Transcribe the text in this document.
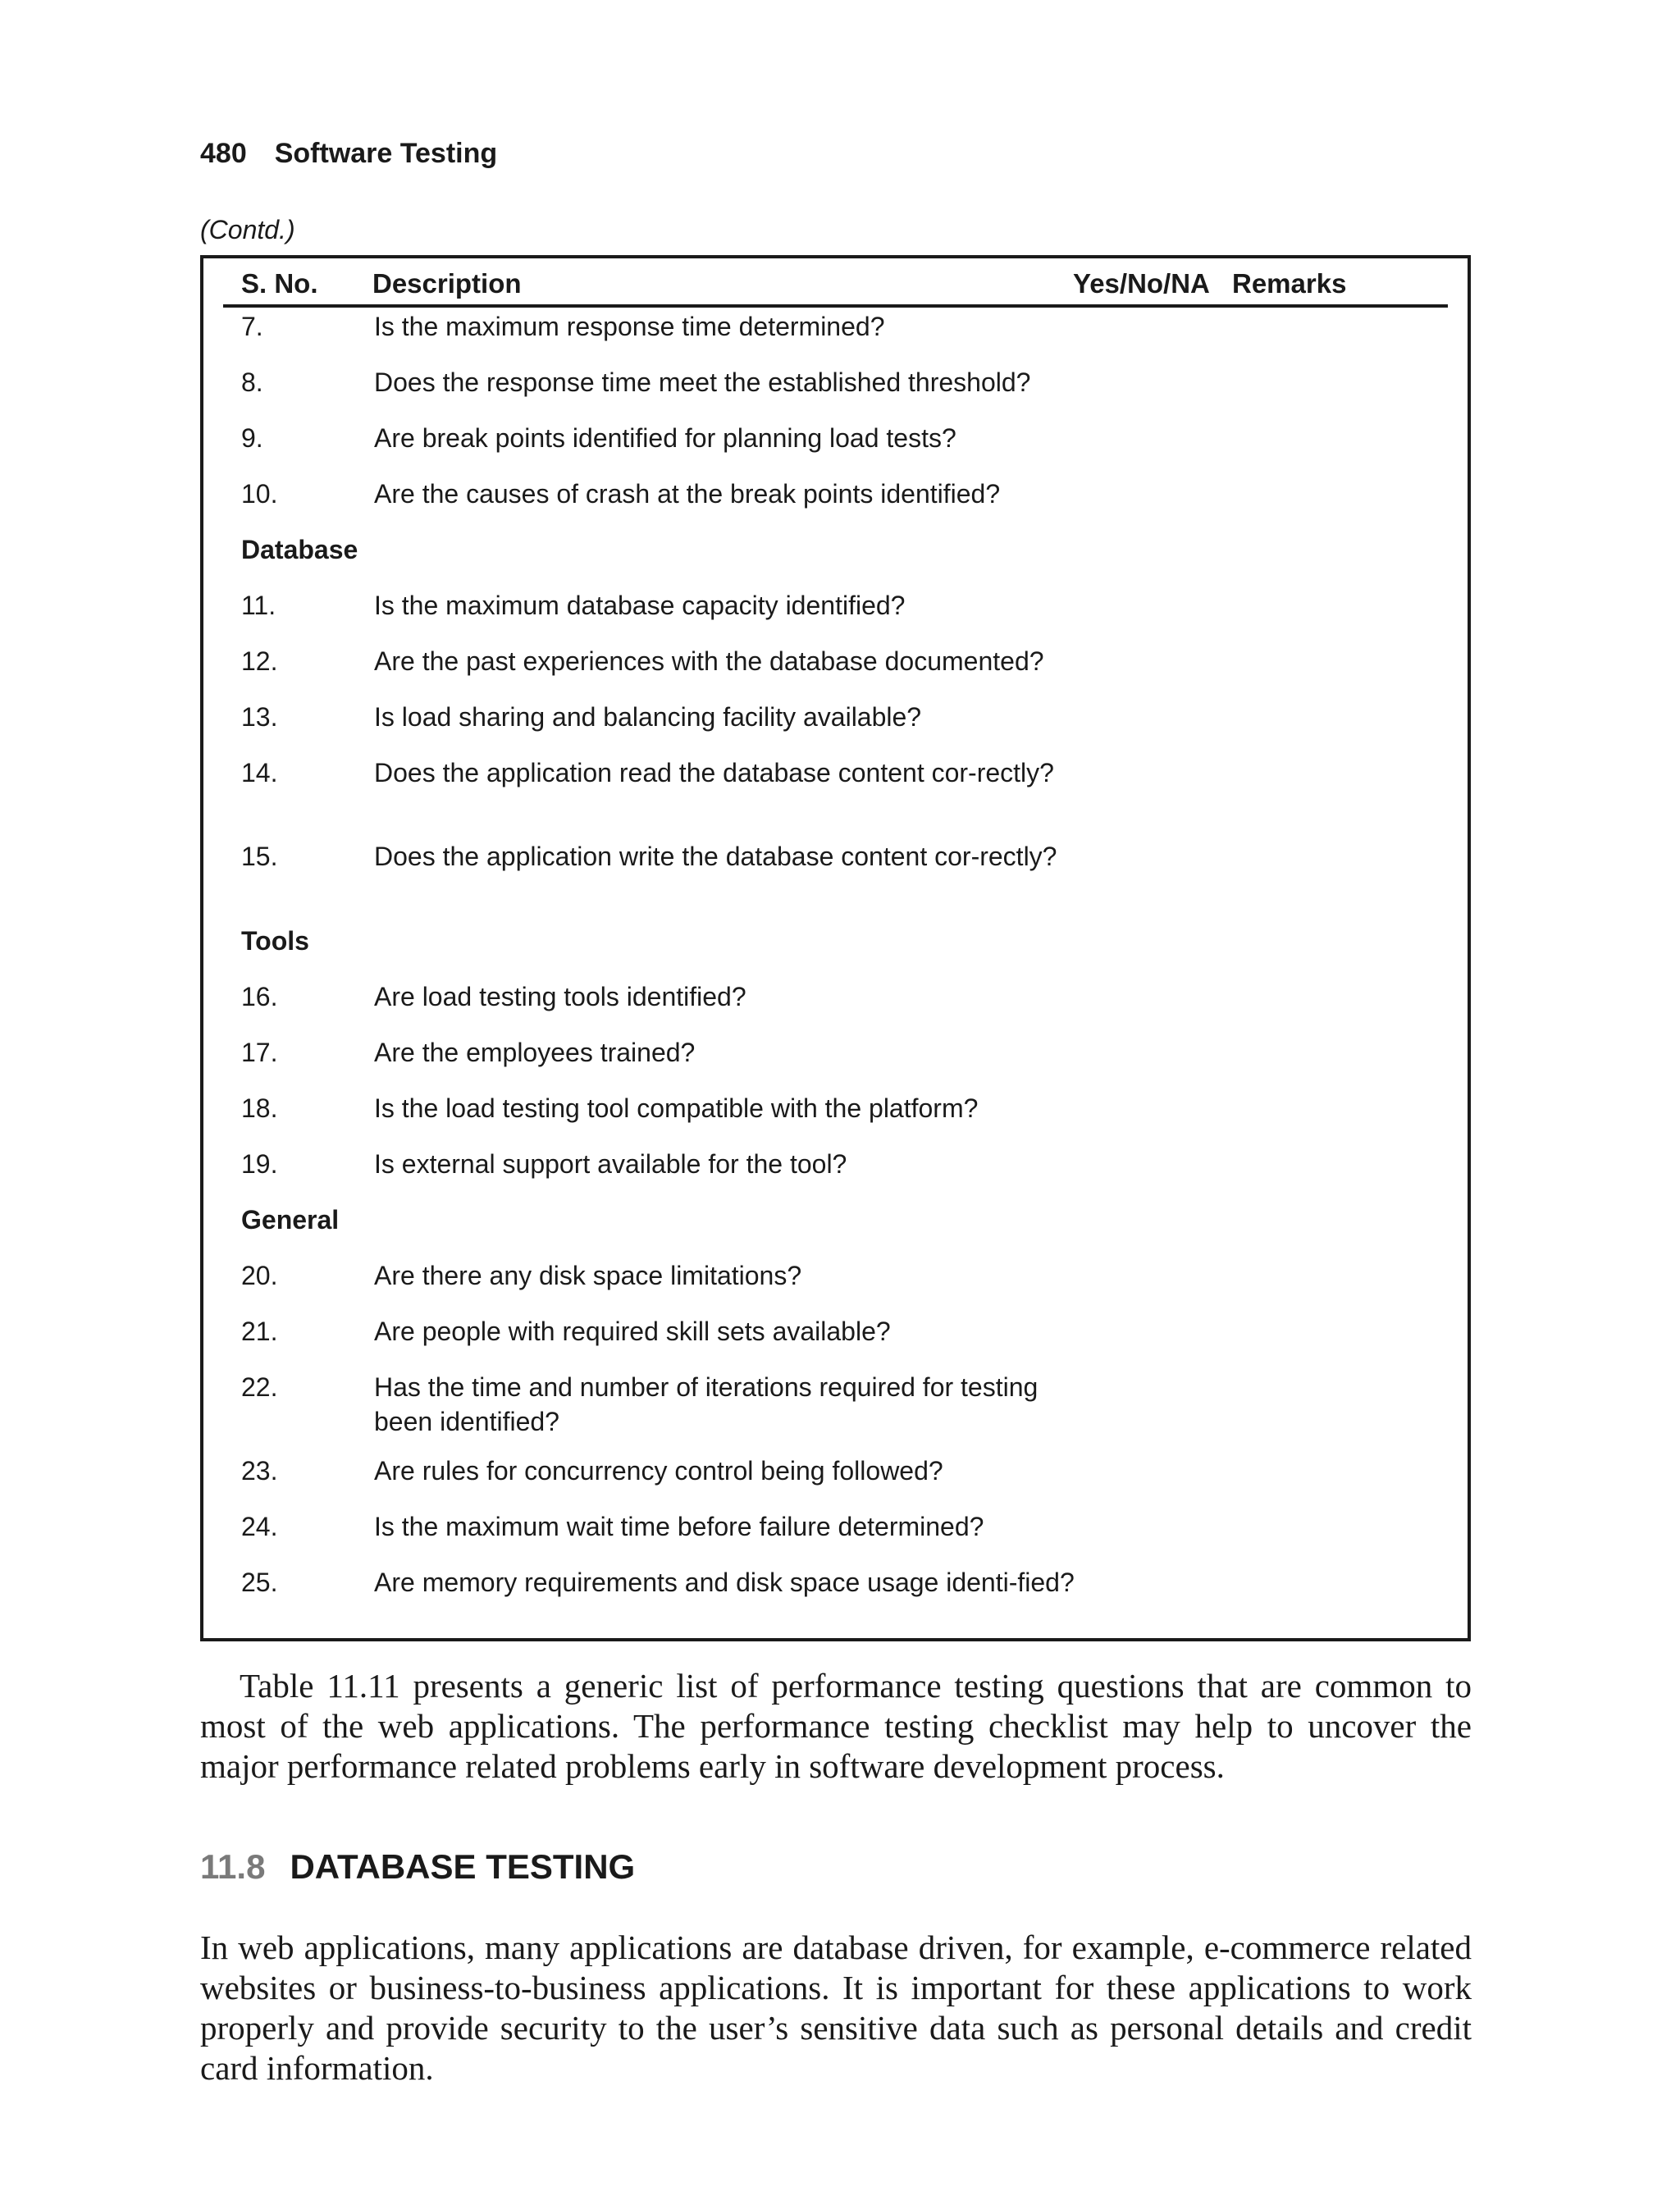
480 Software Testing
(Contd.)
S. No. Description	Yes/No/NA Remarks
7.	Is the maximum response time determined?
8.	Does the response time meet the established threshold?
9.	Are break points identified for planning load tests?
10.	Are the causes of crash at the break points identified?
Database
11.	Is the maximum database capacity identified?
12.	Are the past experiences with the database documented?
13.	Is load sharing and balancing facility available?
14.	Does the application read the database content cor-rectly?
15.	Does the application write the database content cor-rectly?
Tools
16.	Are load testing tools identified?
17.	Are the employees trained?
18.	Is the load testing tool compatible with the platform?
19.	Is external support available for the tool?
General
20.	Are there any disk space limitations?
21.	Are people with required skill sets available?
22.	Has the time and number of iterations required for testing been identified?
23.	Are rules for concurrency control being followed?
24.	Is the maximum wait time before failure determined?
25.	Are memory requirements and disk space usage identi-fied?
Table 11.11 presents a generic list of performance testing questions that are common to most of the web applications. The performance testing checklist may help to uncover the major performance related problems early in software development process.
11.8 DATABASE TESTING
In web applications, many applications are database driven, for example, e-commerce related websites or business-to-business applications. It is important for these applications to work properly and provide security to the user’s sensitive data such as personal details and credit card information.
